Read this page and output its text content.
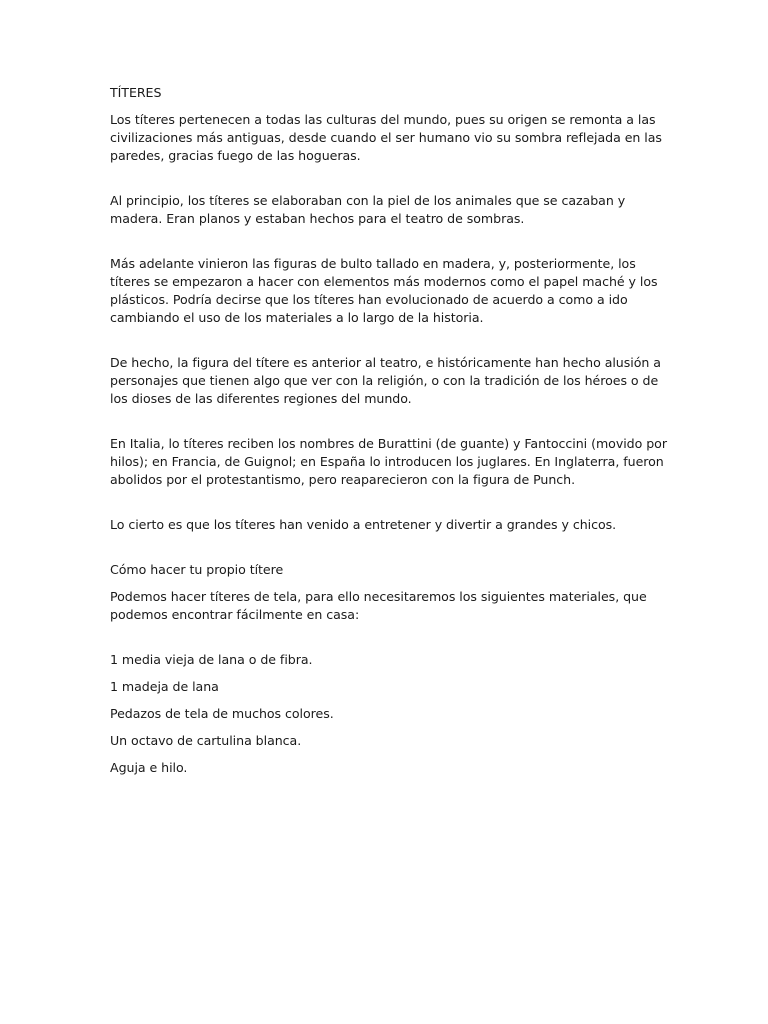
TÍTERES

Los títeres pertenecen a todas las culturas del mundo, pues su origen se remonta a las civilizaciones más antiguas, desde cuando el ser humano vio su sombra reflejada en las paredes, gracias fuego de las hogueras.

Al principio, los títeres se elaboraban con la piel de los animales que se cazaban y madera. Eran planos y estaban hechos para el teatro de sombras.

Más adelante vinieron las figuras de bulto tallado en madera, y, posteriormente, los títeres se empezaron a hacer con elementos más modernos como el papel maché y los plásticos. Podría decirse que los títeres han evolucionado de acuerdo a como a ido cambiando el uso de los materiales a lo largo de la historia.

De hecho, la figura del títere es anterior al teatro, e históricamente han hecho alusión a personajes que tienen algo que ver con la religión, o con la tradición de los héroes o de los dioses de las diferentes regiones del mundo.

En Italia, lo títeres reciben los nombres de Burattini (de guante) y Fantoccini (movido por hilos); en Francia, de Guignol; en España lo introducen los juglares. En Inglaterra, fueron abolidos por el protestantismo, pero reaparecieron con la figura de Punch.

Lo cierto es que los títeres han venido a entretener y divertir a grandes y chicos.

Cómo hacer tu propio títere

Podemos hacer títeres de tela, para ello necesitaremos los siguientes materiales, que podemos encontrar fácilmente en casa:

1 media vieja de lana o de fibra.

1 madeja de lana

Pedazos de tela de muchos colores.

Un octavo de cartulina blanca.

Aguja e hilo.
